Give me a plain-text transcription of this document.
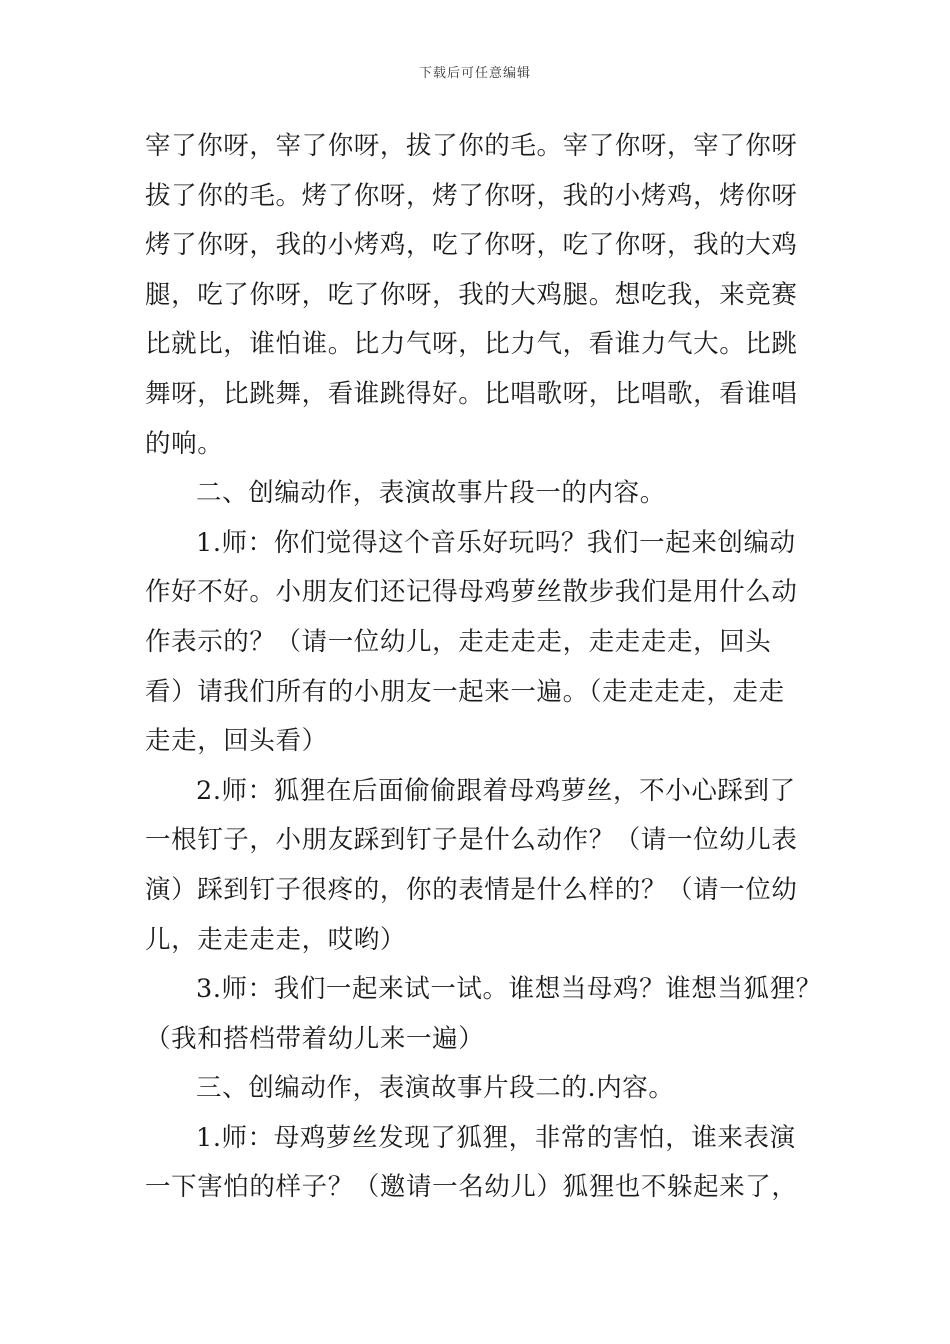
下载后可任意编辑
宰了你呀，宰了你呀，拔了你的毛。宰了你呀，宰了你呀
拔了你的毛。烤了你呀，烤了你呀，我的小烤鸡，烤你呀
烤了你呀，我的小烤鸡，吃了你呀，吃了你呀，我的大鸡
腿，吃了你呀，吃了你呀，我的大鸡腿。想吃我，来竞赛
比就比，谁怕谁。比力气呀，比力气，看谁力气大。比跳
舞呀，比跳舞，看谁跳得好。比唱歌呀，比唱歌，看谁唱
的响。
二、创编动作，表演故事片段一的内容。
1.师：你们觉得这个音乐好玩吗？我们一起来创编动
作好不好。小朋友们还记得母鸡萝丝散步我们是用什么动
作表示的？（请一位幼儿，走走走走，走走走走，回头
看）请我们所有的小朋友一起来一遍。（走走走走，走走
走走，回头看）
2.师：狐狸在后面偷偷跟着母鸡萝丝，不小心踩到了
一根钉子，小朋友踩到钉子是什么动作？（请一位幼儿表
演）踩到钉子很疼的，你的表情是什么样的？（请一位幼
儿，走走走走，哎哟）
3.师：我们一起来试一试。谁想当母鸡？谁想当狐狸？
（我和搭档带着幼儿来一遍）
三、创编动作，表演故事片段二的.内容。
1.师：母鸡萝丝发现了狐狸，非常的害怕，谁来表演
一下害怕的样子？（邀请一名幼儿）狐狸也不躲起来了，
